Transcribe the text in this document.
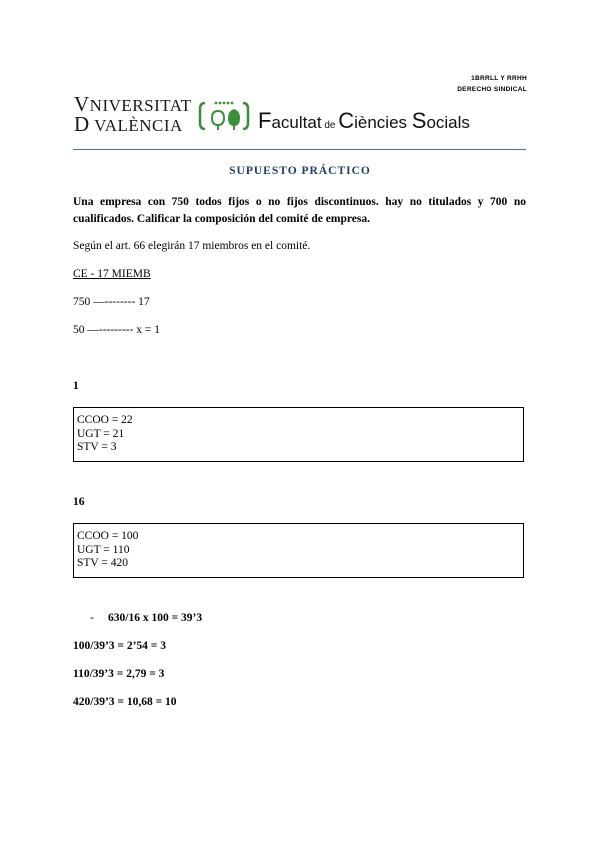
1BRRLL Y RRHH
DERECHO SINDICAL
VNIVERSITAT
D VALÈNCIA	Facultat de Ciències Socials
SUPUESTO PRÁCTICO
Una empresa con 750 todos fijos o no fijos discontinuos. hay no titulados y 700 no cualificados. Calificar la composición del comité de empresa.
Según el art. 66 elegirán 17 miembros en el comité.
CE - 17 MIEMB
750 —-------- 17
50 —--------- x = 1
1
CCOO = 22
UGT = 21
STV = 3
16
CCOO = 100
UGT = 110
STV = 420
- 630/16 x 100 = 39’3
100/39’3 = 2’54 = 3
110/39’3 = 2,79 = 3
420/39’3 = 10,68 = 10
